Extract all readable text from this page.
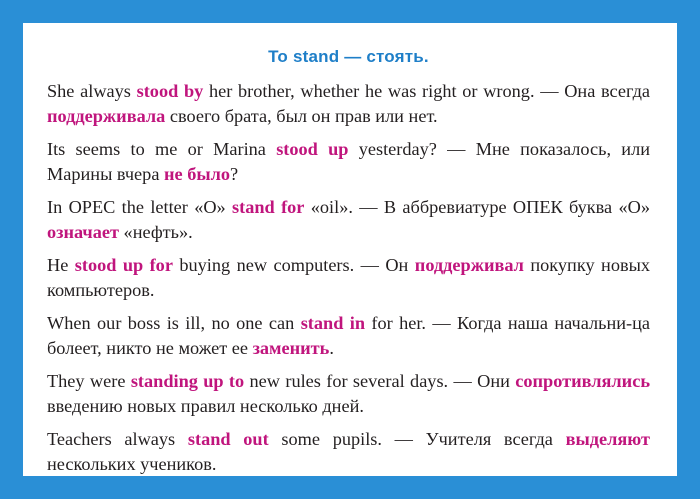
To stand — стоять.

She always stood by her brother, whether he was right or wrong. — Она всегда поддерживала своего брата, был он прав или нет.

Its seems to me or Marina stood up yesterday? — Мне показалось, или Марины вчера не было?

In OPEC the letter «O» stand for «oil». — В аббревиатуре ОПЕК буква «О» означает «нефть».

He stood up for buying new computers. — Он поддерживал покупку новых компьютеров.

When our boss is ill, no one can stand in for her. — Когда наша начальни-ца болеет, никто не может ее заменить.

They were standing up to new rules for several days. — Они сопротивлялись введению новых правил несколько дней.

Teachers always stand out some pupils. — Учителя всегда выделяют нескольких учеников.
